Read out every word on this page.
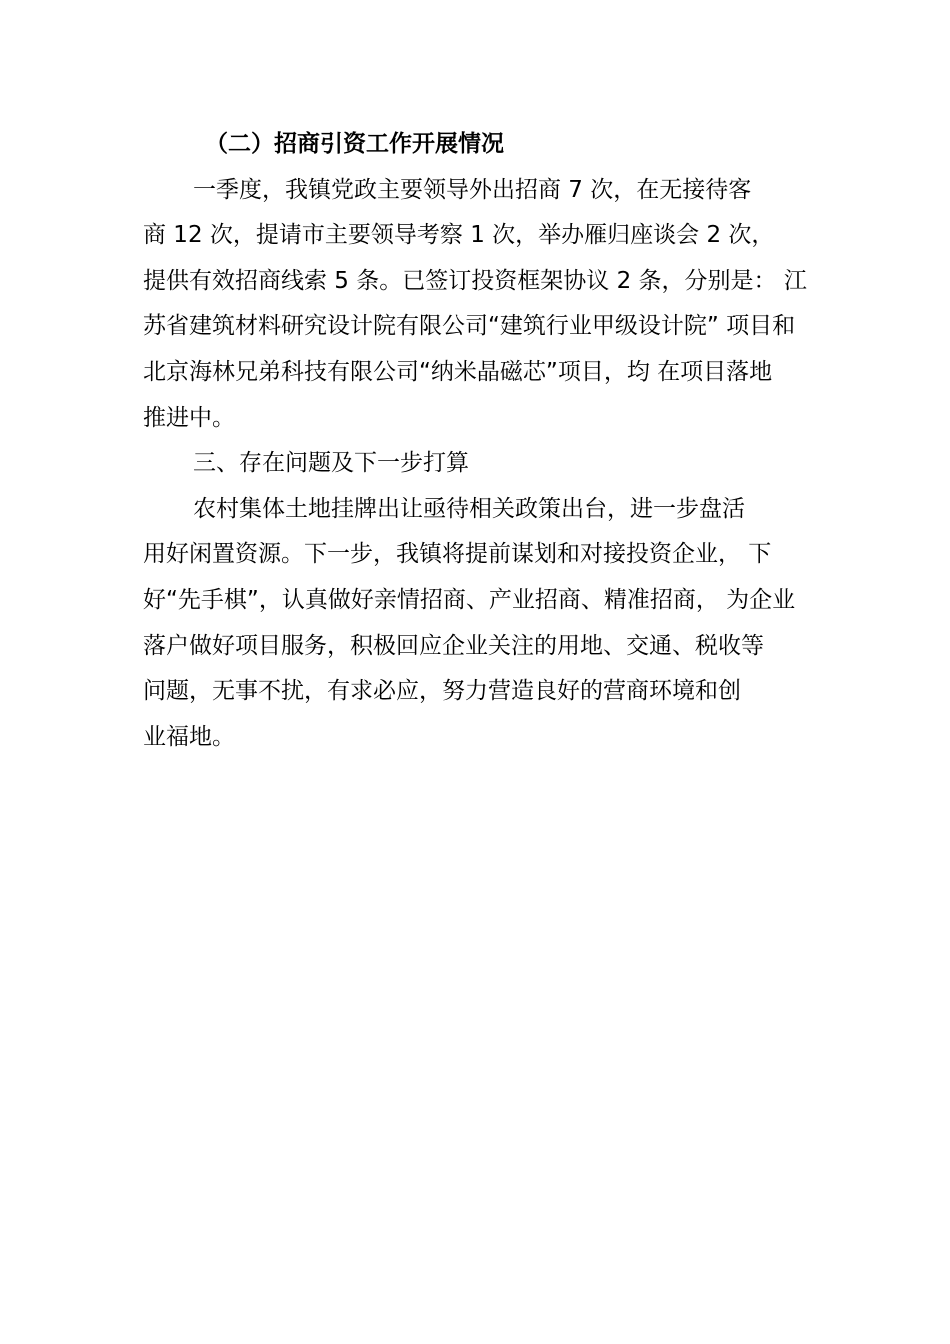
（二）招商引资工作开展情况
一季度，我镇党政主要领导外出招商 7 次，在无接待客
商 12 次，提请市主要领导考察 1 次，举办雁归座谈会 2 次，
提供有效招商线索 5 条。已签订投资框架协议 2 条，分别是： 江
苏省建筑材料研究设计院有限公司“建筑行业甲级设计院” 项目和
北京海林兄弟科技有限公司“纳米晶磁芯”项目，均 在项目落地
推进中。
三、存在问题及下一步打算
农村集体土地挂牌出让亟待相关政策出台，进一步盘活
用好闲置资源。下一步，我镇将提前谋划和对接投资企业， 下
好“先手棋”，认真做好亲情招商、产业招商、精准招商， 为企业
落户做好项目服务，积极回应企业关注的用地、交通、税收等
问题，无事不扰，有求必应，努力营造良好的营商环境和创
业福地。
